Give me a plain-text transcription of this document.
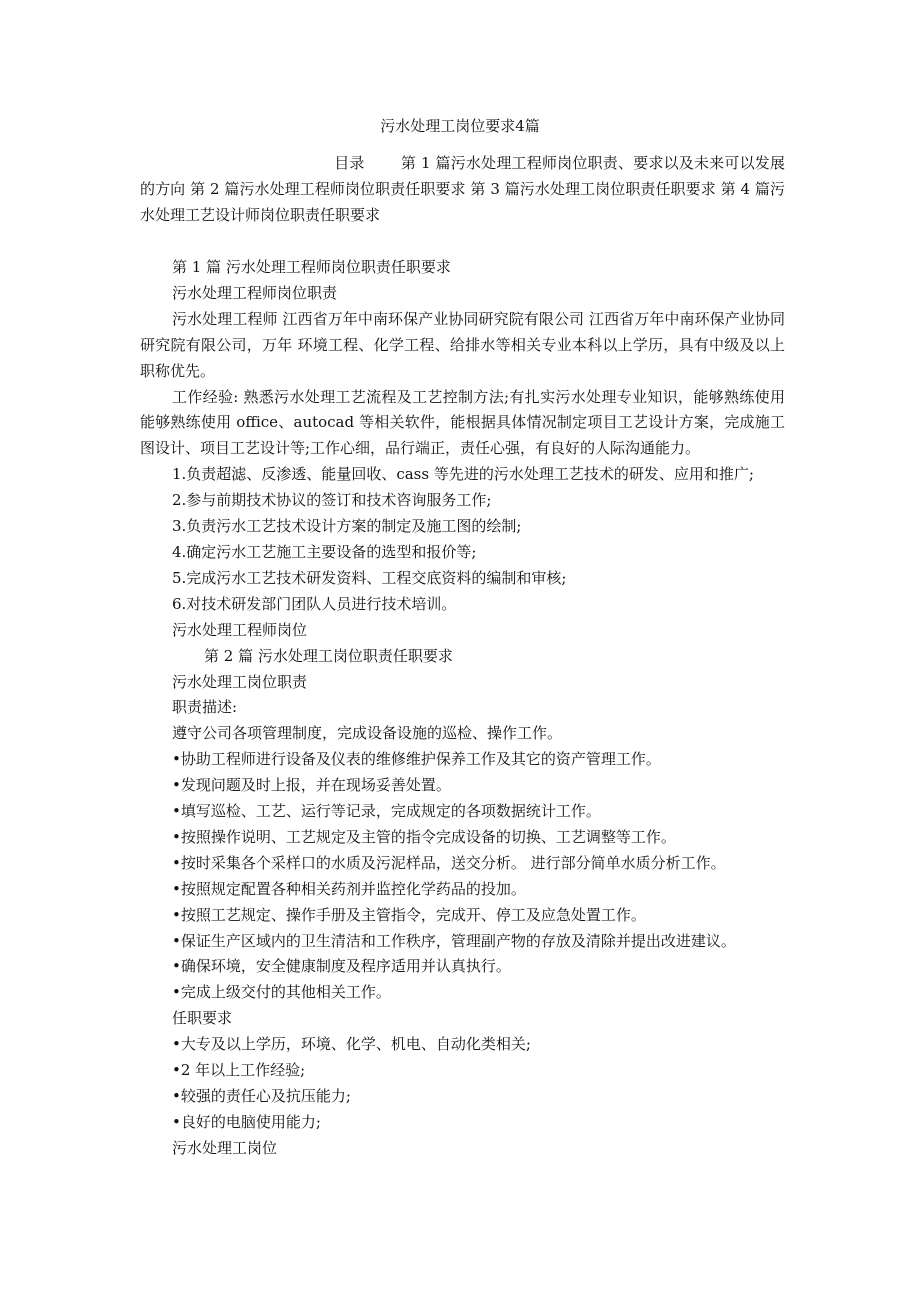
污水处理工岗位要求4篇
目录 第 1 篇污水处理工程师岗位职责、要求以及未来可以发展的方向 第 2 篇污水处理工程师岗位职责任职要求 第 3 篇污水处理工岗位职责任职要求 第 4 篇污水处理工艺设计师岗位职责任职要求

第 1 篇 污水处理工程师岗位职责任职要求

污水处理工程师岗位职责

污水处理工程师 江西省万年中南环保产业协同研究院有限公司 江西省万年中南环保产业协同研究院有限公司，万年 环境工程、化学工程、给排水等相关专业本科以上学历，具有中级及以上职称优先。

工作经验: 熟悉污水处理工艺流程及工艺控制方法;有扎实污水处理专业知识，能够熟练使用能够熟练使用 office、autocad 等相关软件，能根据具体情况制定项目工艺设计方案，完成施工图设计、项目工艺设计等;工作心细，品行端正，责任心强，有良好的人际沟通能力。

1.负责超滤、反渗透、能量回收、cass 等先进的污水处理工艺技术的研发、应用和推广;

2.参与前期技术协议的签订和技术咨询服务工作;

3.负责污水工艺技术设计方案的制定及施工图的绘制;

4.确定污水工艺施工主要设备的选型和报价等;

5.完成污水工艺技术研发资料、工程交底资料的编制和审核;

6.对技术研发部门团队人员进行技术培训。

污水处理工程师岗位

第 2 篇 污水处理工岗位职责任职要求

污水处理工岗位职责

职责描述:

遵守公司各项管理制度，完成设备设施的巡检、操作工作。

•协助工程师进行设备及仪表的维修维护保养工作及其它的资产管理工作。

•发现问题及时上报，并在现场妥善处置。

•填写巡检、工艺、运行等记录，完成规定的各项数据统计工作。

•按照操作说明、工艺规定及主管的指令完成设备的切换、工艺调整等工作。

•按时采集各个采样口的水质及污泥样品，送交分析。 进行部分简单水质分析工作。

•按照规定配置各种相关药剂并监控化学药品的投加。

•按照工艺规定、操作手册及主管指令，完成开、停工及应急处置工作。

•保证生产区域内的卫生清洁和工作秩序，管理副产物的存放及清除并提出改进建议。

•确保环境，安全健康制度及程序适用并认真执行。

•完成上级交付的其他相关工作。

任职要求

•大专及以上学历，环境、化学、机电、自动化类相关;

•2 年以上工作经验;

•较强的责任心及抗压能力;

•良好的电脑使用能力;

污水处理工岗位
